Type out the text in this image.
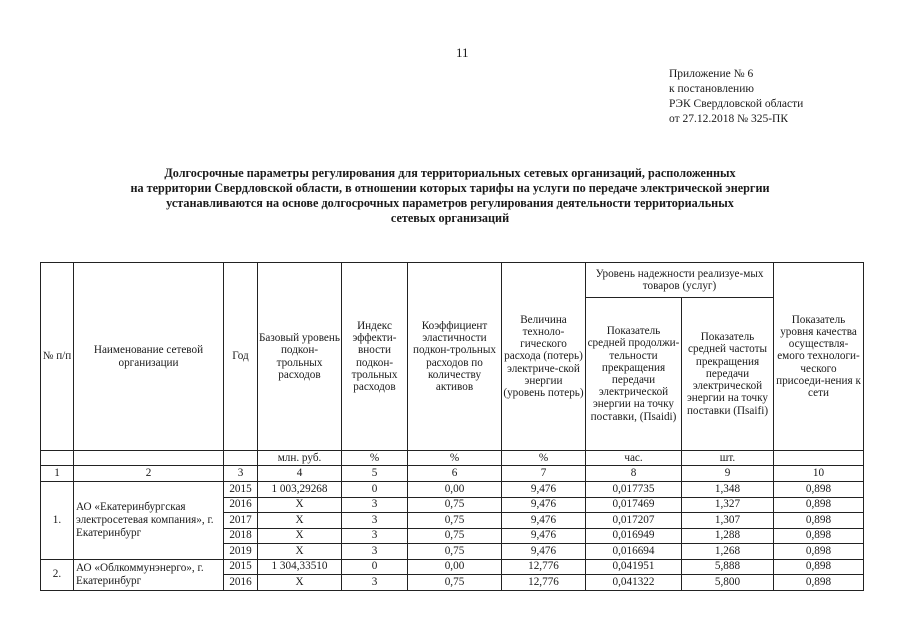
11
Приложение № 6
к постановлению
РЭК Свердловской области
от 27.12.2018 № 325-ПК
Долгосрочные параметры регулирования для территориальных сетевых организаций, расположенных
на территории Свердловской области, в отношении которых тарифы на услуги по передаче электрической энергии
устанавливаются на основе долгосрочных параметров регулирования деятельности территориальных
сетевых организаций
№ п/п	Наименование сетевой организации	Год	Базовый уровень подкон-трольных расходов	Индекс эффекти-вности подкон-трольных расходов	Коэффициент эластичности подкон-трольных расходов по количеству активов	Величина техноло-гического расхода (потерь) электриче-ской энергии (уровень потерь)	Уровень надежности реализуе-мых товаров (услуг)		Показатель уровня качества осуществля-емого технологи-ческого присоеди-нения к сети
							Показатель средней продолжи-тельности прекращения передачи электрической энергии на точку поставки, (Пsaidi)	Показатель средней частоты прекращения передачи электрической энергии на точку поставки (Пsaifi)	
			млн. руб.	%	%	%	час.	шт.	
1	2	3	4	5	6	7	8	9	10
1.	АО «Екатеринбургская электросетевая компания», г. Екатеринбург	2015	1 003,29268	0	0,00	9,476	0,017735	1,348	0,898
		2016	X	3	0,75	9,476	0,017469	1,327	0,898
		2017	X	3	0,75	9,476	0,017207	1,307	0,898
		2018	X	3	0,75	9,476	0,016949	1,288	0,898
		2019	X	3	0,75	9,476	0,016694	1,268	0,898
2.	АО «Облкоммунэнерго», г. Екатеринбург	2015	1 304,33510	0	0,00	12,776	0,041951	5,888	0,898
		2016	X	3	0,75	12,776	0,041322	5,800	0,898
